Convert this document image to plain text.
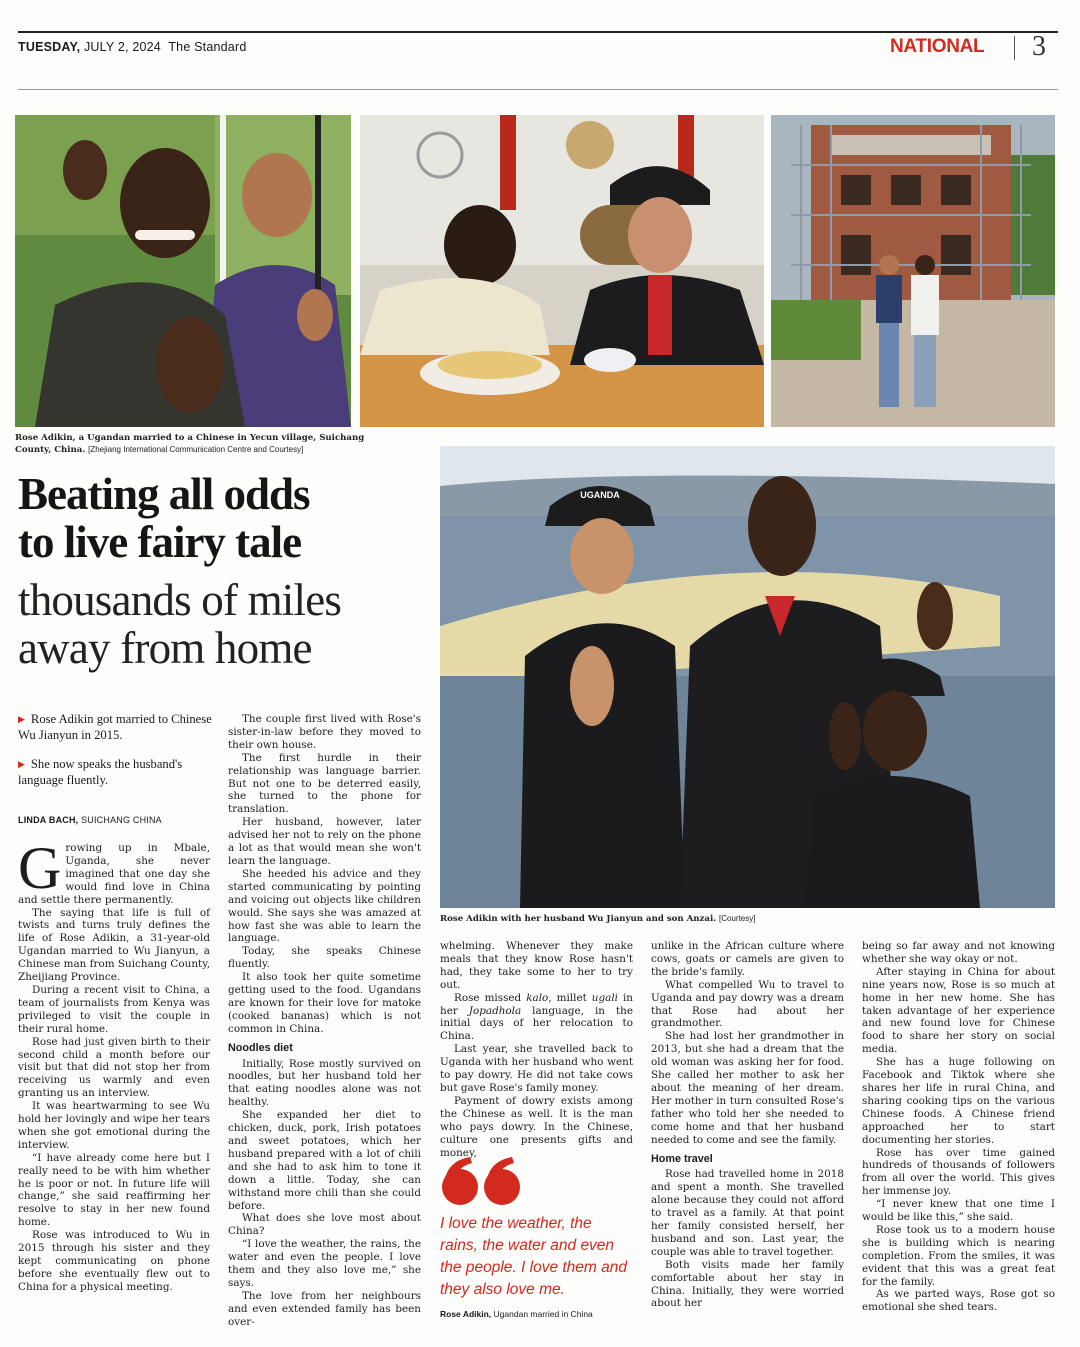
TUESDAY, JULY 2, 2024 The Standard	NATIONAL 3
Rose Adikin, a Ugandan married to a Chinese in Yecun village, Suichang County, China. [Zhejiang International Communication Centre and Courtesy]
Beating all odds
to live fairy tale
thousands of miles
away from home
UGANDA
Rose Adikin with her husband Wu Jianyun and son Anzai. [Courtesy]
▶ Rose Adikin got married to Chinese Wu Jianyun in 2015.
▶ She now speaks the husband's language fluently.
LINDA BACH, SUICHANG CHINA

Growing up in Mbale, Uganda, she never imagined that one day she would find love in China and settle there permanently.

The saying that life is full of twists and turns truly defines the life of Rose Adikin, a 31-year-old Ugandan married to Wu Jianyun, a Chinese man from Suichang County, Zheijiang Province.

During a recent visit to China, a team of journalists from Kenya was privileged to visit the couple in their rural home.

Rose had just given birth to their second child a month before our visit but that did not stop her from receiving us warmly and even granting us an interview.

It was heartwarming to see Wu hold her lovingly and wipe her tears when she got emotional during the interview.

“I have already come here but I really need to be with him whether he is poor or not. In future life will change,” she said reaffirming her resolve to stay in her new found home.

Rose was introduced to Wu in 2015 through his sister and they kept communicating on phone before she eventually flew out to China for a physical meeting.

The couple first lived with Rose's sister-in-law before they moved to their own house.

The first hurdle in their relationship was language barrier. But not one to be deterred easily, she turned to the phone for translation.

Her husband, however, later advised her not to rely on the phone a lot as that would mean she won't learn the language.

She heeded his advice and they started communicating by pointing and voicing out objects like children would. She says she was amazed at how fast she was able to learn the language.

Today, she speaks Chinese fluently.

It also took her quite sometime getting used to the food. Ugandans are known for their love for matoke (cooked bananas) which is not common in China.

Noodles diet

Initially, Rose mostly survived on noodles, but her husband told her that eating noodles alone was not healthy.

She expanded her diet to chicken, duck, pork, Irish potatoes and sweet potatoes, which her husband prepared with a lot of chili and she had to ask him to tone it down a little. Today, she can withstand more chili than she could before.

What does she love most about China?

“I love the weather, the rains, the water and even the people. I love them and they also love me,” she says.

The love from her neighbours and even extended family has been over-

whelming. Whenever they make meals that they know Rose hasn't had, they take some to her to try out.

Rose missed kalo, millet ugali in her Jopadhola language, in the initial days of her relocation to China.

Last year, she travelled back to Uganda with her husband who went to pay dowry. He did not take cows but gave Rose's family money.

Payment of dowry exists among the Chinese as well. It is the man who pays dowry. In the Chinese, culture one presents gifts and money,

I love the weather, the rains, the water and even the people. I love them and they also love me.
Rose Adikin, Ugandan married in China

unlike in the African culture where cows, goats or camels are given to the bride's family.

What compelled Wu to travel to Uganda and pay dowry was a dream that Rose had about her grandmother.

She had lost her grandmother in 2013, but she had a dream that the old woman was asking her for food. She called her mother to ask her about the meaning of her dream. Her mother in turn consulted Rose's father who told her she needed to come home and that her husband needed to come and see the family.

Home travel

Rose had travelled home in 2018 and spent a month. She travelled alone because they could not afford to travel as a family. At that point her family consisted herself, her husband and son. Last year, the couple was able to travel together.

Both visits made her family comfortable about her stay in China. Initially, they were worried about her

being so far away and not knowing whether she way okay or not.

After staying in China for about nine years now, Rose is so much at home in her new home. She has taken advantage of her experience and new found love for Chinese food to share her story on social media.

She has a huge following on Facebook and Tiktok where she shares her life in rural China, and sharing cooking tips on the various Chinese foods. A Chinese friend approached her to start documenting her stories.

Rose has over time gained hundreds of thousands of followers from all over the world. This gives her immense joy.

“I never knew that one time I would be like this,” she said.

Rose took us to a modern house she is building which is nearing completion. From the smiles, it was evident that this was a great feat for the family.

As we parted ways, Rose got so emotional she shed tears.
